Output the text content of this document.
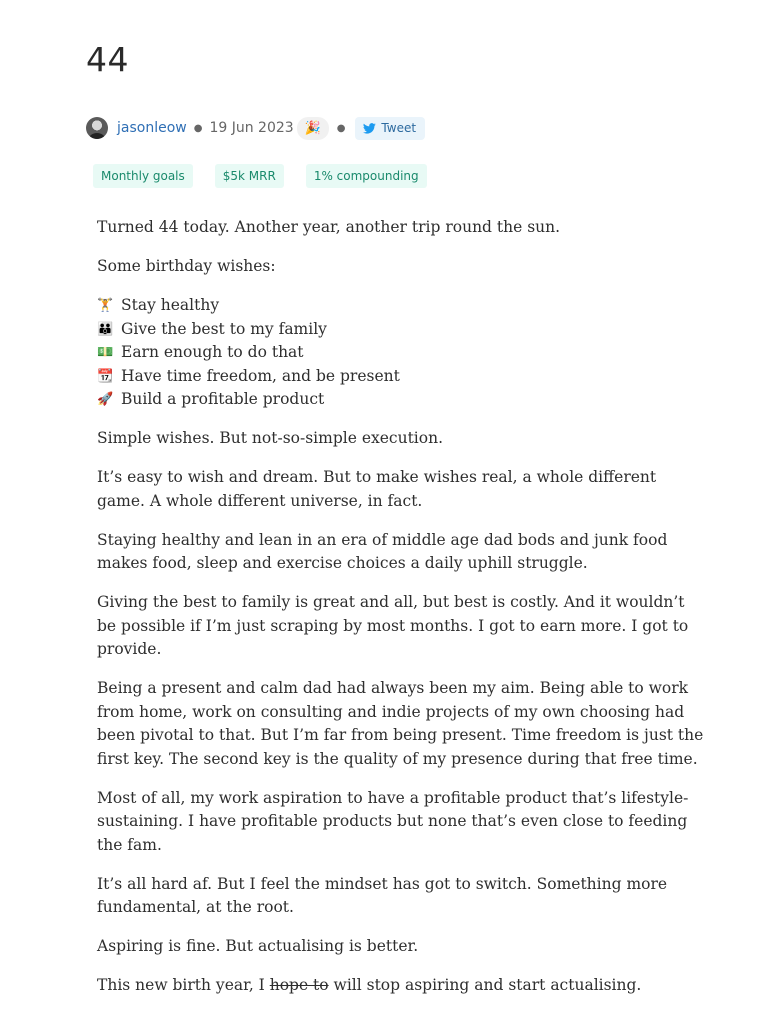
44
jasonleow ● 19 Jun 2023 🎉	●	Tweet
Monthly goals	$5k MRR	1% compounding

Turned 44 today. Another year, another trip round the sun.

Some birthday wishes:

🏋 Stay healthy
👪 Give the best to my family
💵 Earn enough to do that
📆 Have time freedom, and be present
🚀 Build a profitable product

Simple wishes. But not-so-simple execution.

It’s easy to wish and dream. But to make wishes real, a whole different game. A whole different universe, in fact.

Staying healthy and lean in an era of middle age dad bods and junk food makes food, sleep and exercise choices a daily uphill struggle.

Giving the best to family is great and all, but best is costly. And it wouldn’t be possible if I’m just scraping by most months. I got to earn more. I got to provide.

Being a present and calm dad had always been my aim. Being able to work from home, work on consulting and indie projects of my own choosing had been pivotal to that. But I’m far from being present. Time freedom is just the first key. The second key is the quality of my presence during that free time.

Most of all, my work aspiration to have a profitable product that’s lifestyle-sustaining. I have profitable products but none that’s even close to feeding the fam.

It’s all hard af. But I feel the mindset has got to switch. Something more fundamental, at the root.

Aspiring is fine. But actualising is better.

This new birth year, I hope to will stop aspiring and start actualising.
